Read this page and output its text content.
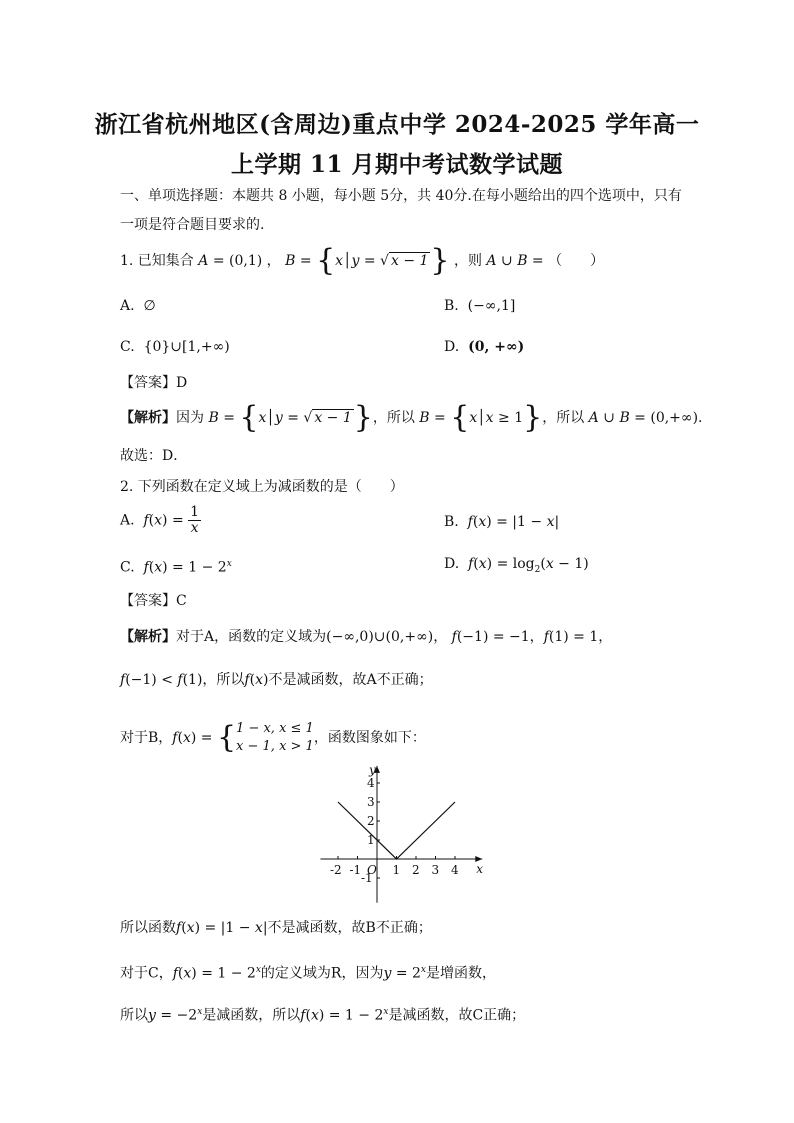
浙江省杭州地区(含周边)重点中学 2024-2025 学年高一
上学期 11 月期中考试数学试题
一、单项选择题：本题共 8 小题，每小题 5分，共 40分.在每小题给出的四个选项中，只有
一项是符合题目要求的.
1. 已知集合 A = (0,1) ， B = {x│y = √ x − 1} ，则 A ∪ B = （　　）
A. ∅	B. (−∞,1]
C. {0}∪[1,+∞)	D. (0, +∞)
【答案】D
【解析】因为 B = {x│y = √ x − 1}，所以 B = {x│x ≥ 1}，所以 A ∪ B = (0,+∞).
故选：D．
2. 下列函数在定义域上为减函数的是（　　）
A. $f(x) = \frac{1}{x}$	B. f(x) = |1 − x|
C. $f(x) = 1 - 2^x$	D. $f(x) = \log_2(x - 1)$
【答案】C
【解析】对于A，函数的定义域为(−∞,0)∪(0,+∞)， f(−1) = −1，f(1) = 1，
f(−1) < f(1)，所以f(x)不是减函数，故A不正确；
对于B，f(x) = {1 − x, x ≤ 1
x − 1, x > 1，函数图象如下：
x
y
-2 -1	1 2 3 4
O
4
3
2
1
-1
所以函数f(x) = |1 − x|不是减函数，故B不正确；
对于C，$f(x) = 1 - 2^x$的定义域为R，因为$y = 2^x$是增函数，
所以$y = -2^x$是减函数，所以$f(x) = 1 - 2^x$是减函数，故C正确；
